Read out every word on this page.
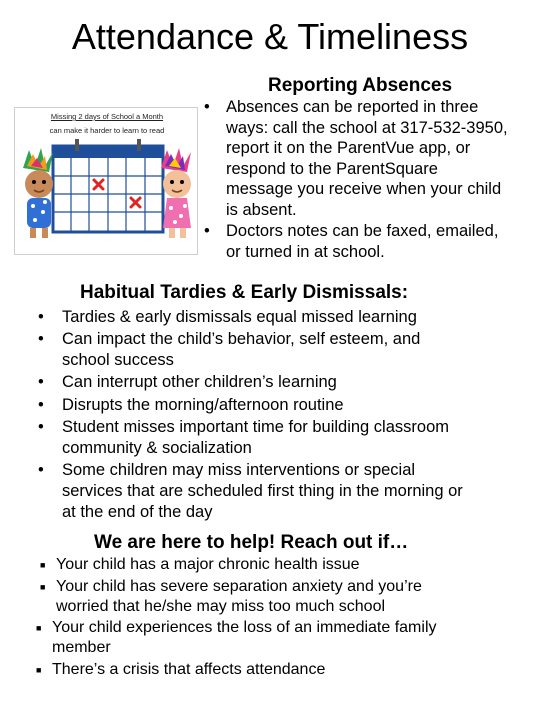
Attendance & Timeliness
Missing 2 days of School a Month
can make it harder to learn to read
Reporting Absences
• Absences can be reported in three
ways: call the school at 317-532-3950,
report it on the ParentVue app, or
respond to the ParentSquare
message you receive when your child
is absent.
• Doctors notes can be faxed, emailed,
or turned in at school.
Habitual Tardies & Early Dismissals:
• Tardies & early dismissals equal missed learning
• Can impact the child’s behavior, self esteem, and
school success
• Can interrupt other children’s learning
• Disrupts the morning/afternoon routine
• Student misses important time for building classroom
community & socialization
• Some children may miss interventions or special
services that are scheduled first thing in the morning or
at the end of the day
We are here to help! Reach out if…
■ Your child has a major chronic health issue
■ Your child has severe separation anxiety and you’re
worried that he/she may miss too much school
■ Your child experiences the loss of an immediate family
member
■ There’s a crisis that affects attendance
